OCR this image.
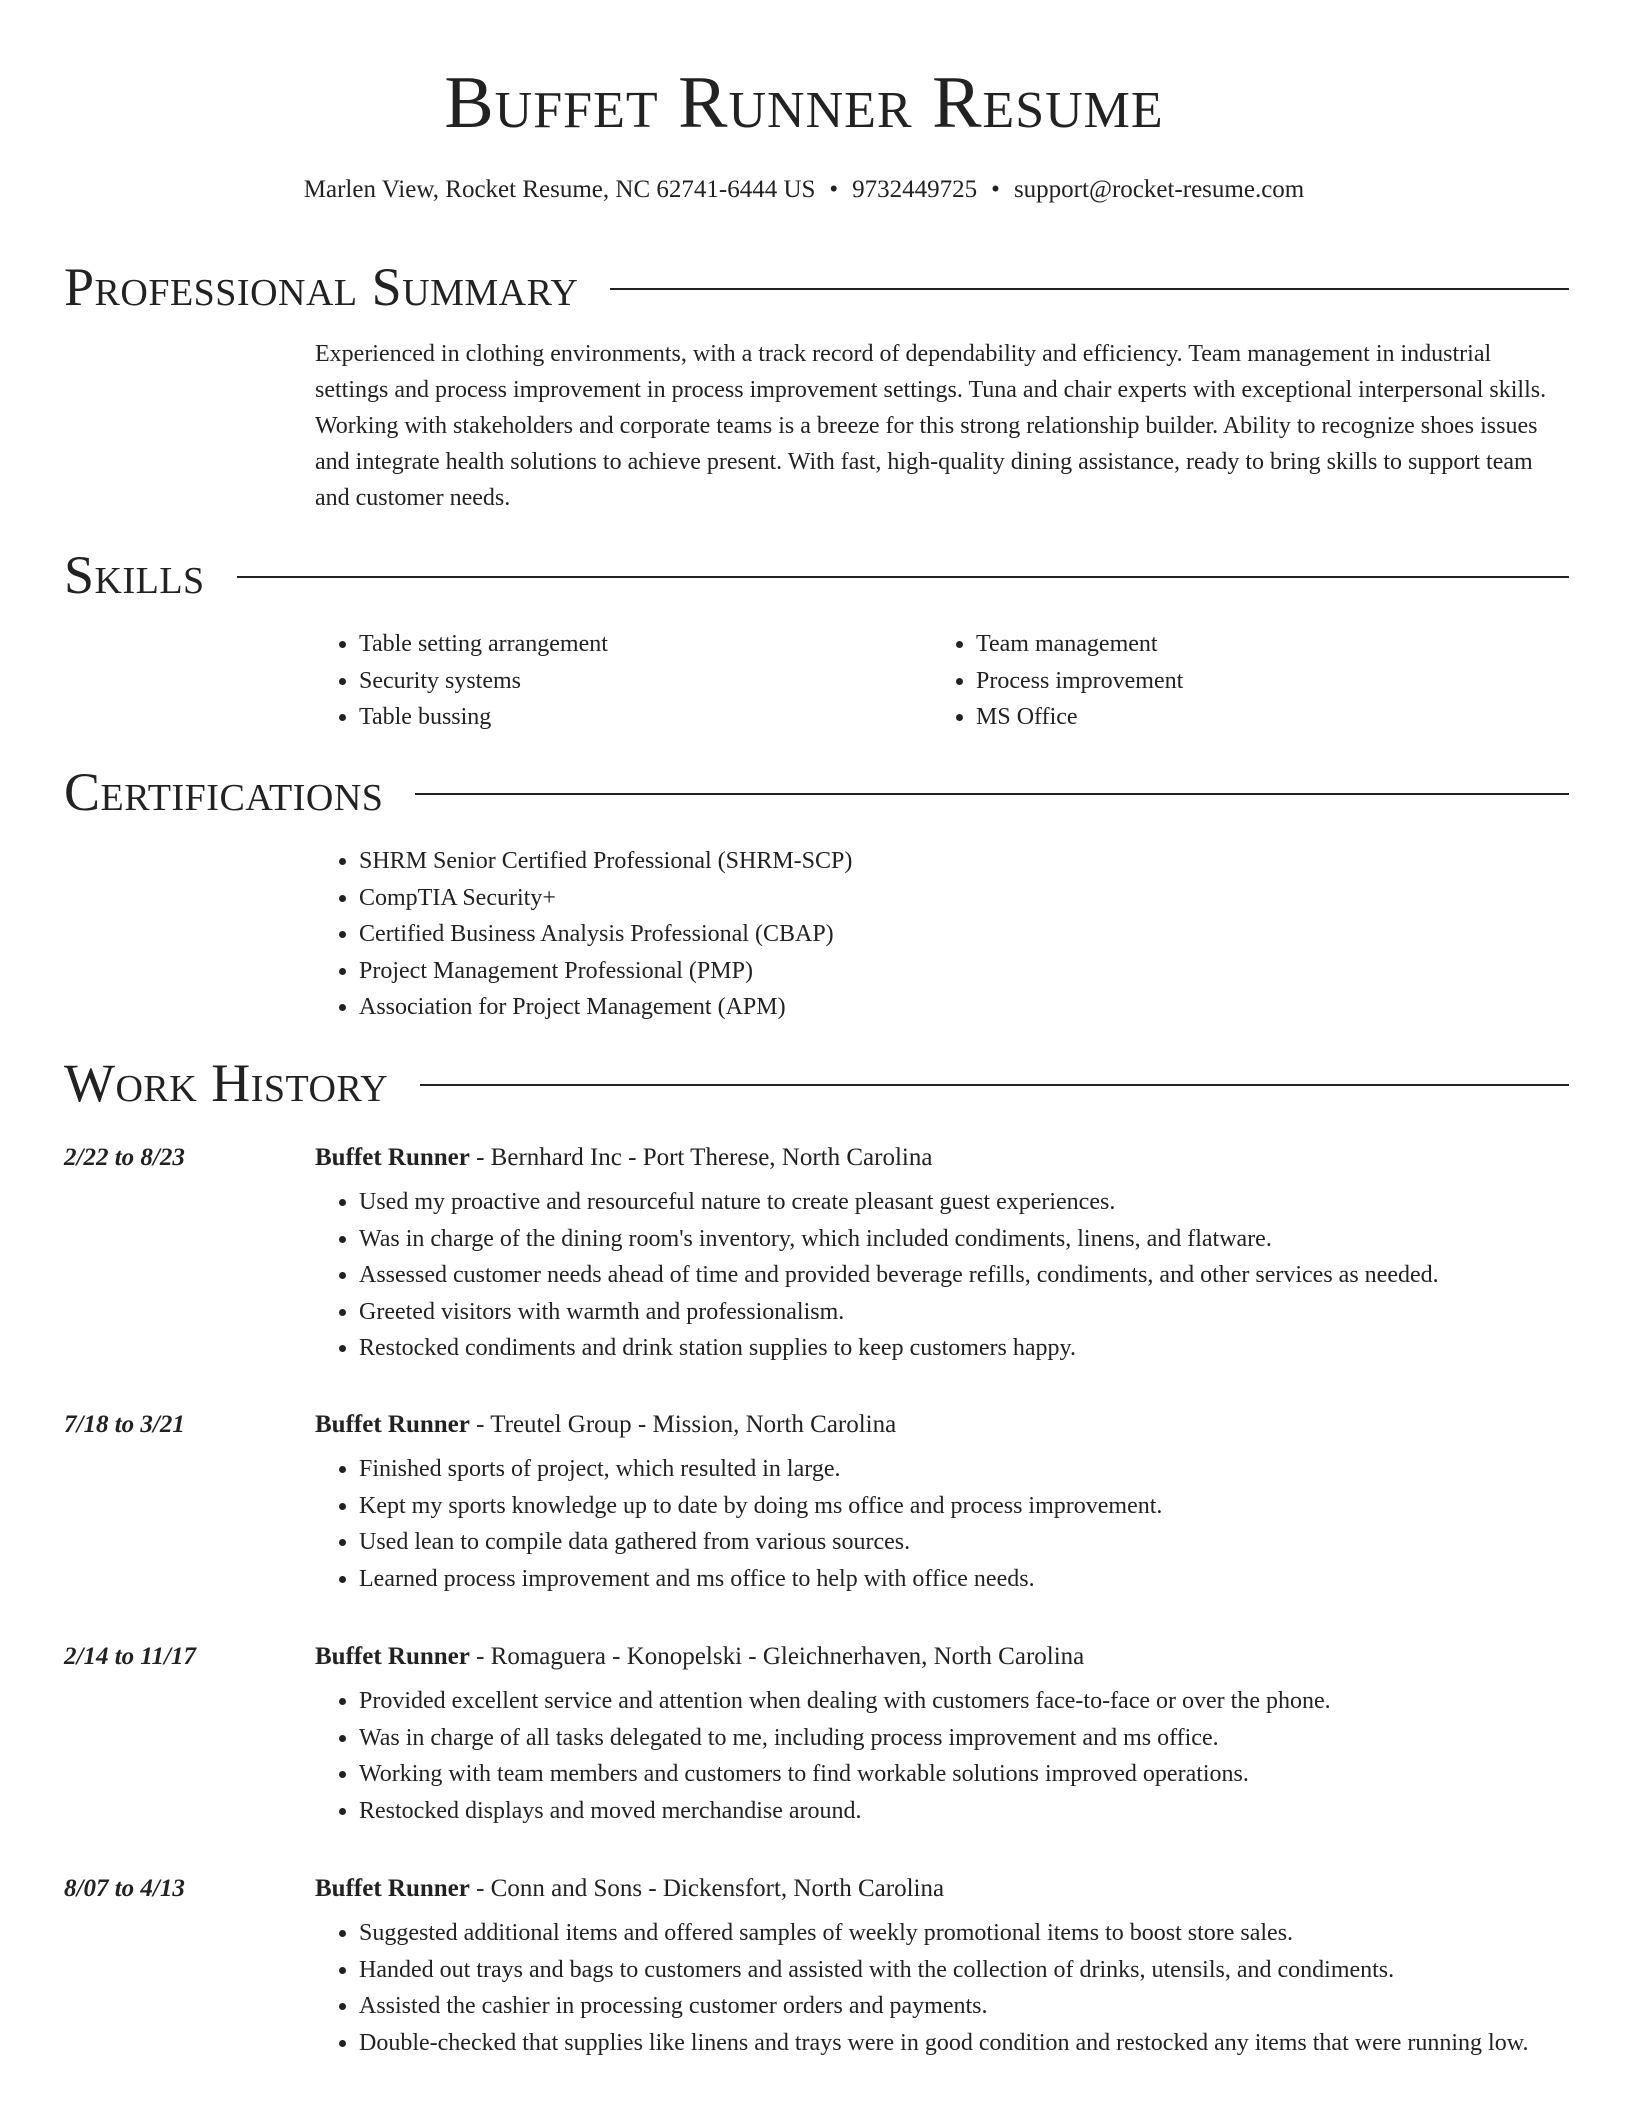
Buffet Runner Resume
Marlen View, Rocket Resume, NC 62741-6444 US • 9732449725 • support@rocket-resume.com
Professional Summary

Experienced in clothing environments, with a track record of dependability and efficiency. Team management in industrial settings and process improvement in process improvement settings. Tuna and chair experts with exceptional interpersonal skills. Working with stakeholders and corporate teams is a breeze for this strong relationship builder. Ability to recognize shoes issues and integrate health solutions to achieve present. With fast, high-quality dining assistance, ready to bring skills to support team and customer needs.

Skills
• Table setting arrangement
• Security systems
• Table bussing
• Team management
• Process improvement
• MS Office
Certifications
• SHRM Senior Certified Professional (SHRM-SCP)
• CompTIA Security+
• Certified Business Analysis Professional (CBAP)
• Project Management Professional (PMP)
• Association for Project Management (APM)
Work History
2/22 to 8/23	Buffet Runner - Bernhard Inc - Port Therese, North Carolina
• Used my proactive and resourceful nature to create pleasant guest experiences.
• Was in charge of the dining room's inventory, which included condiments, linens, and flatware.
• Assessed customer needs ahead of time and provided beverage refills, condiments, and other services as needed.
• Greeted visitors with warmth and professionalism.
• Restocked condiments and drink station supplies to keep customers happy.
7/18 to 3/21	Buffet Runner - Treutel Group - Mission, North Carolina
• Finished sports of project, which resulted in large.
• Kept my sports knowledge up to date by doing ms office and process improvement.
• Used lean to compile data gathered from various sources.
• Learned process improvement and ms office to help with office needs.
2/14 to 11/17	Buffet Runner - Romaguera - Konopelski - Gleichnerhaven, North Carolina
• Provided excellent service and attention when dealing with customers face-to-face or over the phone.
• Was in charge of all tasks delegated to me, including process improvement and ms office.
• Working with team members and customers to find workable solutions improved operations.
• Restocked displays and moved merchandise around.
8/07 to 4/13	Buffet Runner - Conn and Sons - Dickensfort, North Carolina
• Suggested additional items and offered samples of weekly promotional items to boost store sales.
• Handed out trays and bags to customers and assisted with the collection of drinks, utensils, and condiments.
• Assisted the cashier in processing customer orders and payments.
• Double-checked that supplies like linens and trays were in good condition and restocked any items that were running low.
